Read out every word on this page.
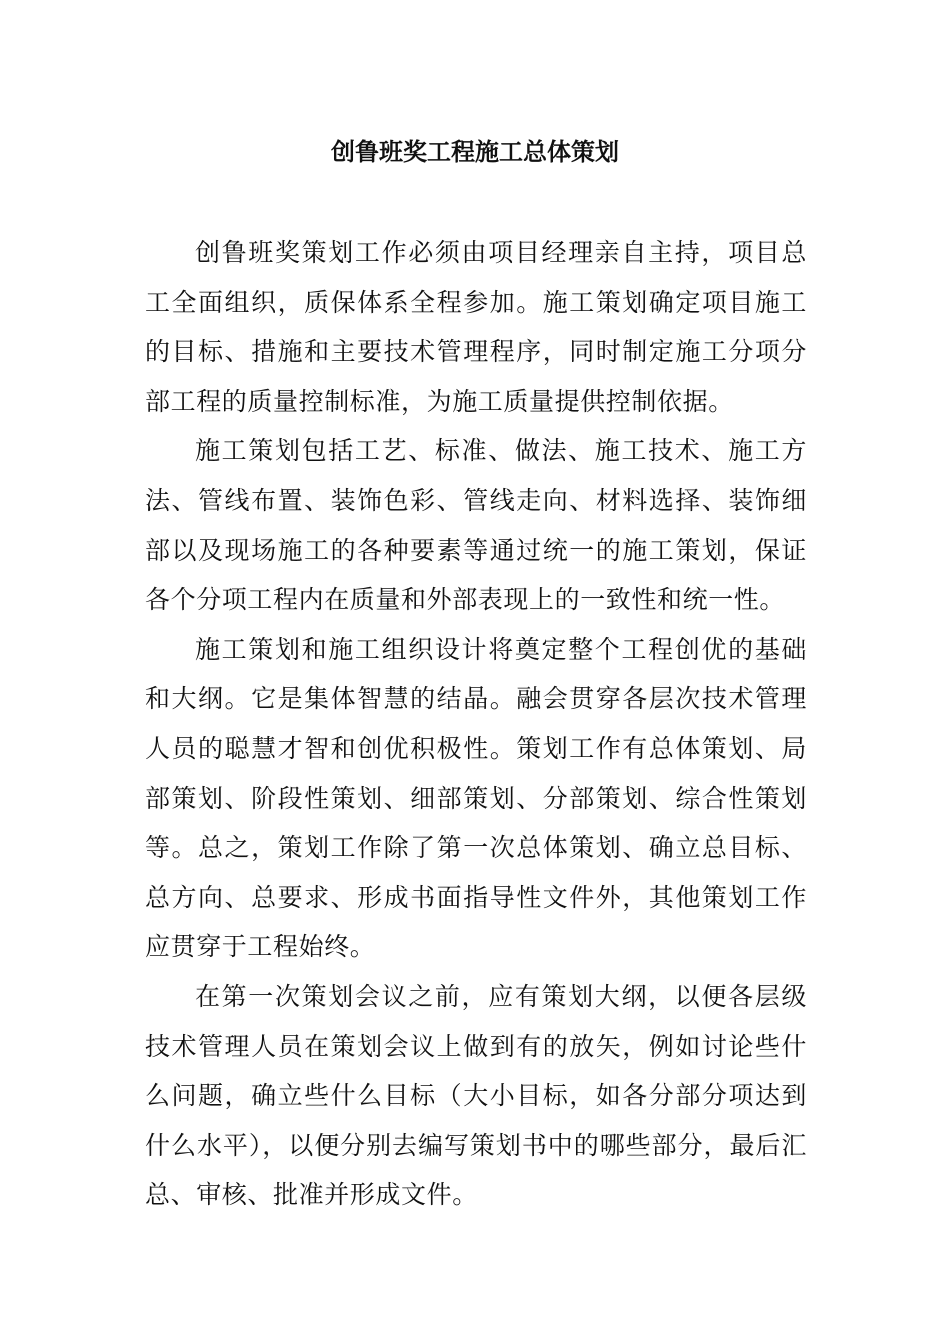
创鲁班奖工程施工总体策划

创鲁班奖策划工作必须由项目经理亲自主持，项目总工全面组织，质保体系全程参加。施工策划确定项目施工的目标、措施和主要技术管理程序，同时制定施工分项分部工程的质量控制标准，为施工质量提供控制依据。

施工策划包括工艺、标准、做法、施工技术、施工方法、管线布置、装饰色彩、管线走向、材料选择、装饰细部以及现场施工的各种要素等通过统一的施工策划，保证各个分项工程内在质量和外部表现上的一致性和统一性。

施工策划和施工组织设计将奠定整个工程创优的基础和大纲。它是集体智慧的结晶。融会贯穿各层次技术管理人员的聪慧才智和创优积极性。策划工作有总体策划、局部策划、阶段性策划、细部策划、分部策划、综合性策划等。总之，策划工作除了第一次总体策划、确立总目标、总方向、总要求、形成书面指导性文件外，其他策划工作应贯穿于工程始终。

在第一次策划会议之前，应有策划大纲，以便各层级技术管理人员在策划会议上做到有的放矢，例如讨论些什么问题，确立些什么目标（大小目标，如各分部分项达到什么水平），以便分别去编写策划书中的哪些部分，最后汇总、审核、批准并形成文件。
